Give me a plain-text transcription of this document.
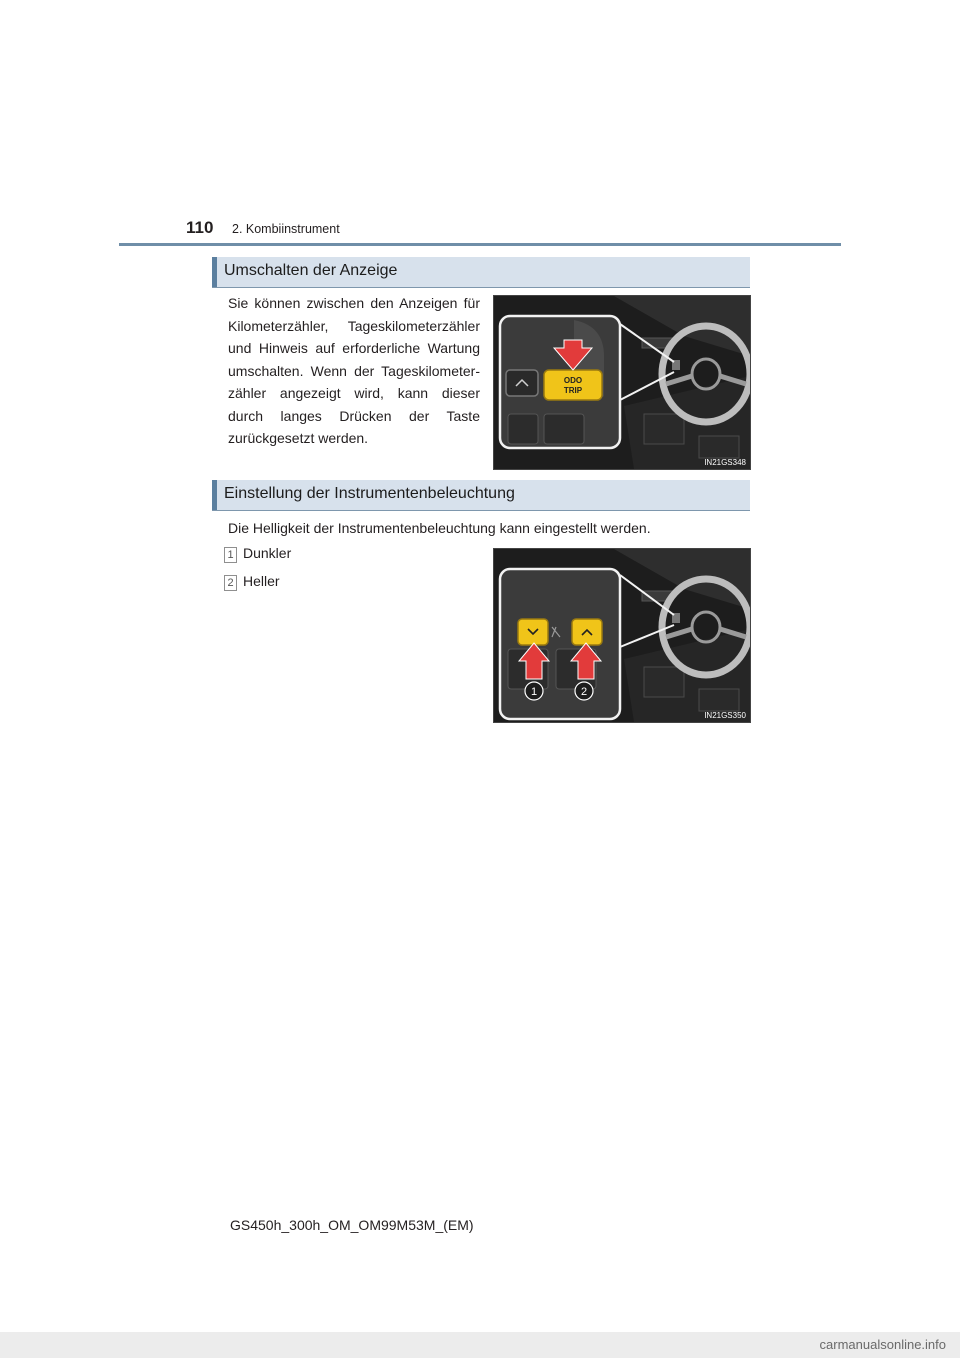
110 2. Kombiinstrument
Umschalten der Anzeige
Sie können zwischen den Anzeigen für
Kilometerzähler, Tageskilometerzähler
und Hinweis auf erforderliche Wartung
umschalten. Wenn der Tageskilometer-
zähler angezeigt wird, kann dieser
durch langes Drücken der Taste
zurückgesetzt werden.
ODO
TRIP
IN21GS348
Einstellung der Instrumentenbeleuchtung
Die Helligkeit der Instrumentenbeleuchtung kann eingestellt werden.
1 Dunkler
2 Heller
1	2
IN21GS350
GS450h_300h_OM_OM99M53M_(EM)
carmanualsonline.info
